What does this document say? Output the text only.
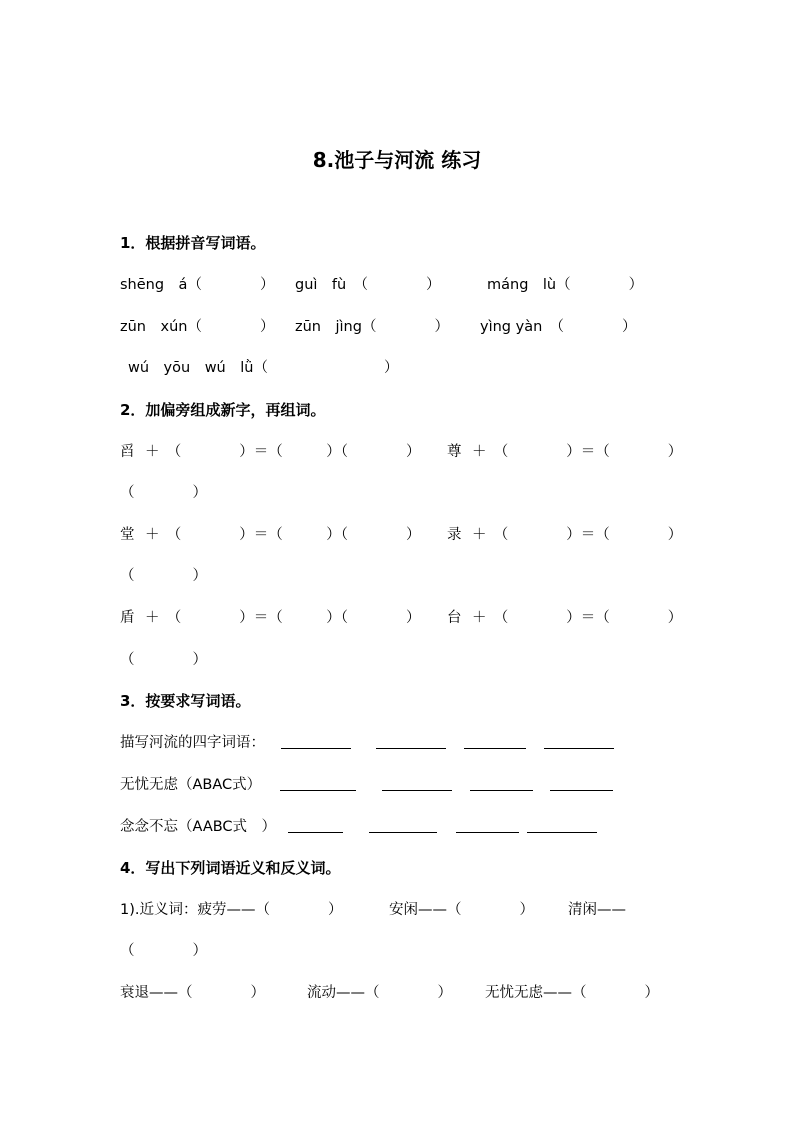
8.池子与河流 练习
1．根据拼音写词语。
shēng　á（　　　　） guì　fù　（　　　　）	máng　lù（　　　　）
zūn　xún（　　　　） zūn　jìng（　　　　） yìng yàn　（　　　　）
wú　yōu　wú　lǜ（　　　　　　　　）
2．加偏旁组成新字，再组词。
舀 ＋　（　　　　）＝（　　　）（　　　　） 尊 ＋　（　　　　）＝（　　　　）
（　　　　）
堂 ＋　（　　　　）＝（　　　）（　　　　） 录 ＋　（　　　　）＝（　　　　）
（　　　　）
盾 ＋　（　　　　）＝（　　　）（　　　　） 台 ＋　（　　　　）＝（　　　　）
（　　　　）
3．按要求写词语。
描写河流的四字词语：
无忧无虑（ABAC式）
念念不忘（AABC式　）
4．写出下列词语近义和反义词。
1).近义词：疲劳——（　　　　）	安闲——（　　　　） 清闲——
（　　　　）
衰退——（　　　　）	流动——（　　　　） 无忧无虑——（　　　　）
